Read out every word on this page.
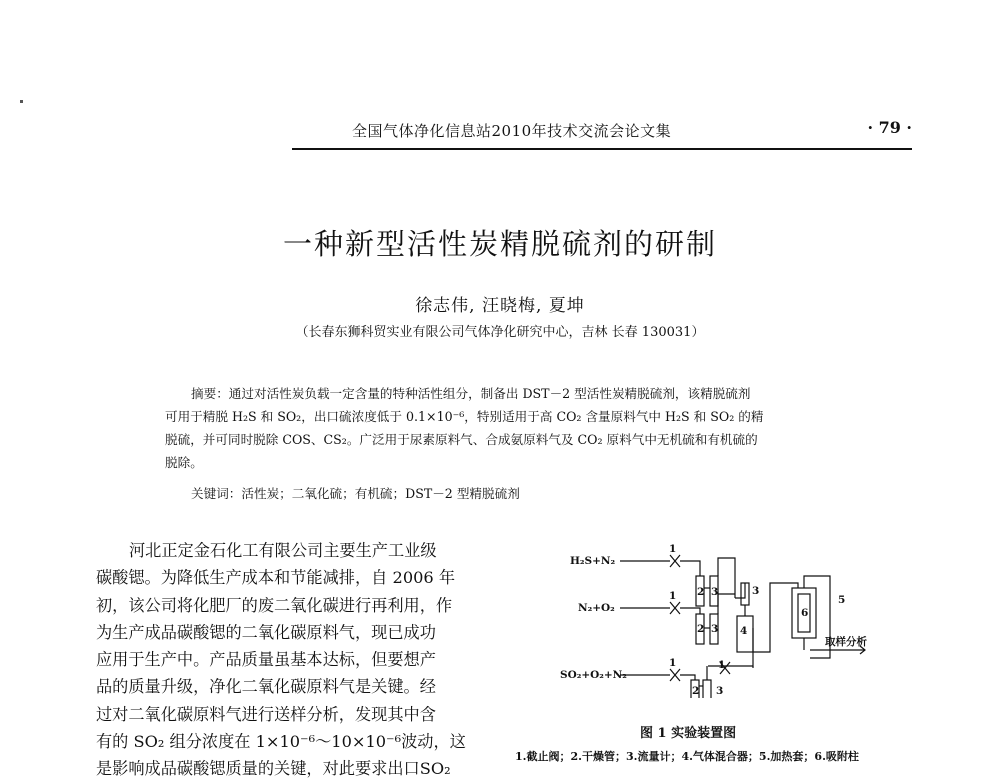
全国气体净化信息站2010年技术交流会论文集	· 79 ·
一种新型活性炭精脱硫剂的研制
徐志伟, 汪晓梅, 夏坤
（长春东狮科贸实业有限公司气体净化研究中心，吉林 长春 130031）
摘要：通过对活性炭负载一定含量的特种活性组分，制备出 DST－2 型活性炭精脱硫剂，该精脱硫剂
可用于精脱 H₂S 和 SO₂，出口硫浓度低于 0.1×10⁻⁶，特别适用于高 CO₂ 含量原料气中 H₂S 和 SO₂ 的精
脱硫，并可同时脱除 COS、CS₂。广泛用于尿素原料气、合成氨原料气及 CO₂ 原料气中无机硫和有机硫的
脱除。
关键词：活性炭；二氧化硫；有机硫；DST－2 型精脱硫剂
河北正定金石化工有限公司主要生产工业级
碳酸锶。为降低生产成本和节能减排，自 2006 年
初，该公司将化肥厂的废二氧化碳进行再利用，作
为生产成品碳酸锶的二氧化碳原料气，现已成功
应用于生产中。产品质量虽基本达标，但要想产
品的质量升级，净化二氧化碳原料气是关键。经
过对二氧化碳原料气进行送样分析，发现其中含
有的 SO₂ 组分浓度在 1×10⁻⁶～10×10⁻⁶波动，这
是影响成品碳酸锶质量的关键，对此要求出口SO₂
H₂S+N₂
N₂+O₂
SO₂+O₂+N₂
1
1
1	1
2
2
2
3
3
3
3
4
5
6
取样分析
图 1 实验装置图
1.截止阀；2.干燥管；3.流量计；4.气体混合器；5.加热套；6.吸附柱
